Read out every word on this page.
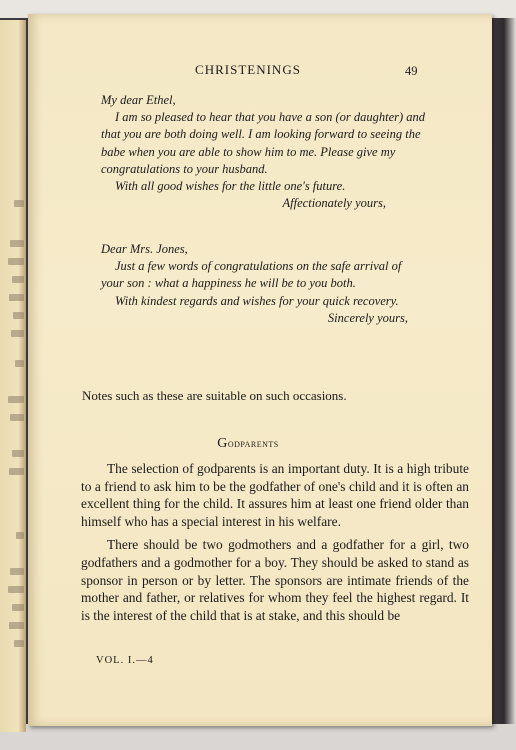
CHRISTENINGS	49

My dear Ethel,

I am so pleased to hear that you have a son (or daughter) and that you are both doing well. I am looking forward to seeing the babe when you are able to show him to me. Please give my congratulations to your husband.

With all good wishes for the little one's future.

Affectionately yours,

Dear Mrs. Jones,

Just a few words of congratulations on the safe arrival of your son : what a happiness he will be to you both.

With kindest regards and wishes for your quick recovery.

Sincerely yours,

Notes such as these are suitable on such occasions.
Godparents

The selection of godparents is an important duty. It is a high tribute to a friend to ask him to be the godfather of one's child and it is often an excellent thing for the child. It assures him at least one friend older than himself who has a special interest in his welfare.

There should be two godmothers and a godfather for a girl, two godfathers and a godmother for a boy. They should be asked to stand as sponsor in person or by letter. The sponsors are intimate friends of the mother and father, or relatives for whom they feel the highest regard. It is the interest of the child that is at stake, and this should be

VOL. I.—4
